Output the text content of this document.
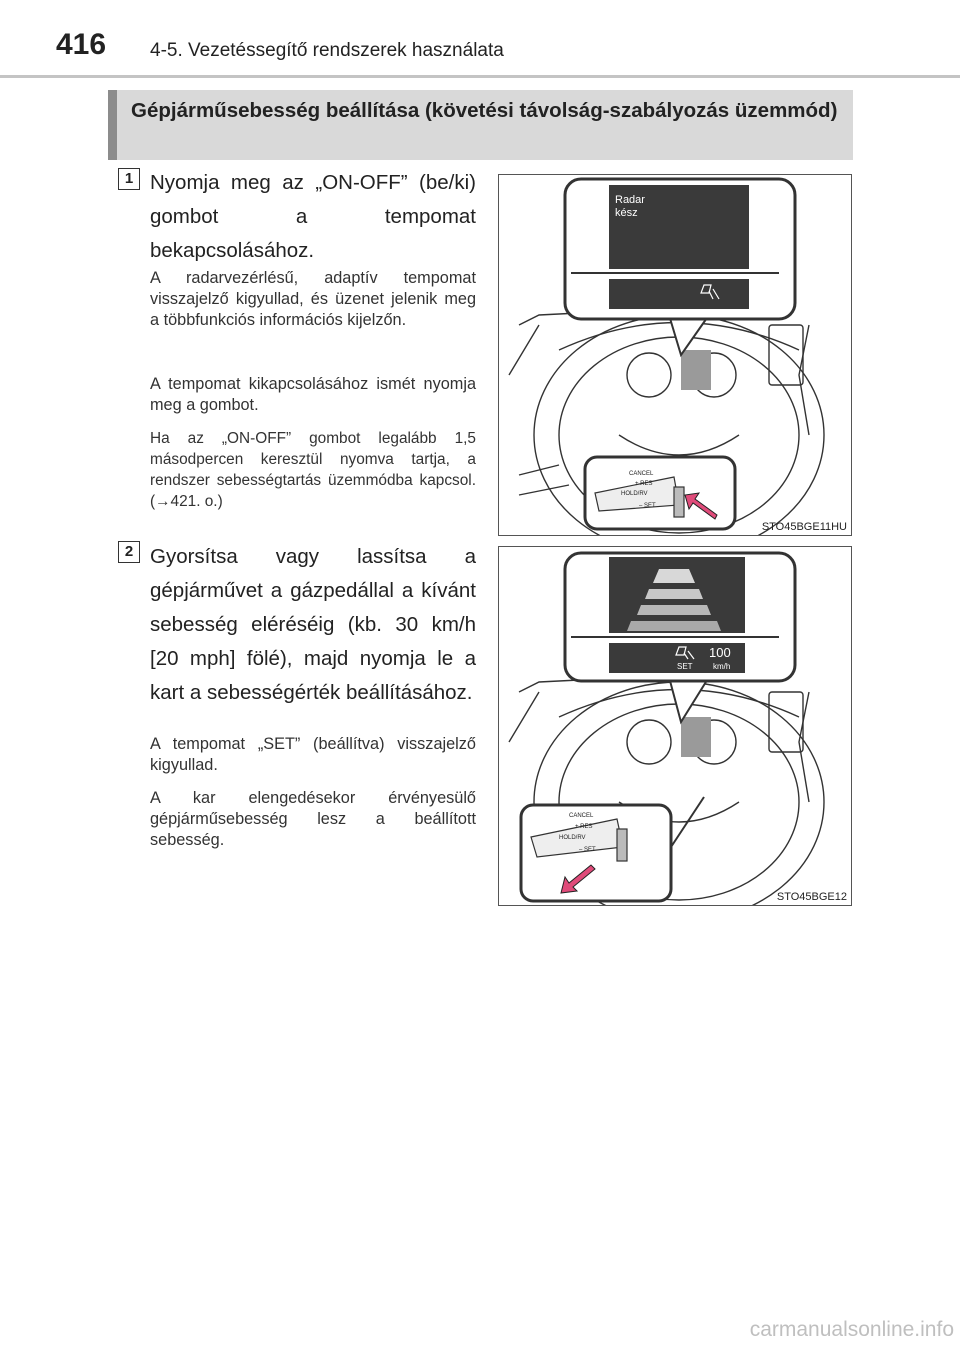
416 4-5. Vezetéssegítő rendszerek használata
Gépjárműsebesség beállítása (követési távolság-szabályozás üzemmód)
1 Nyomja meg az „ON-OFF” (be/ki) gombot a tempomat bekapcsolásához.
A radarvezérlésű, adaptív tempomat visszajelző kigyullad, és üzenet jelenik meg a többfunkciós információs kijelzőn.
A tempomat kikapcsolásához ismét nyomja meg a gombot.
Ha az „ON-OFF” gombot legalább 1,5 másodpercen keresztül nyomva tartja, a rendszer sebességtartás üzemmódba kapcsol. (→421. o.)
Radar
kész
CANCEL
+ RES
HOLD/RV
– SET
STO45BGE11HU
2 Gyorsítsa vagy lassítsa a gépjárművet a gázpedállal a kívánt sebesség eléréséig (kb. 30 km/h [20 mph] fölé), majd nyomja le a kart a sebességérték beállításához.
A tempomat „SET” (beállítva) visszajelző kigyullad.
A kar elengedésekor érvényesülő gépjárműsebesség lesz a beállított sebesség.
100
SET	km/h
CANCEL
+ RES
HOLD/RV
– SET
STO45BGE12
carmanualsonline.info
